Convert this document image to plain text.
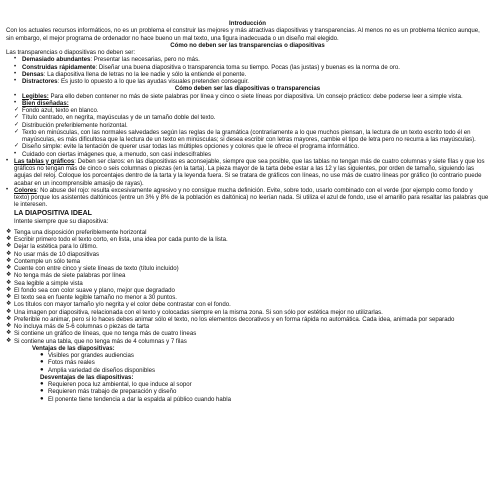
Introducción

Con los actuales recursos informáticos, no es un problema el construir las mejores y más atractivas diapositivas y transparencias. Al menos no es un problema técnico aunque, sin embargo, el mejor programa de ordenador no hace bueno un mal texto, una figura inadecuada o un diseño mal elegido.

Cómo no deben ser las transparencias o diapositivas

Las transparencias o diapositivas no deben ser:

• Demasiado abundantes: Presentar las necesarias, pero no más.
• Construidas rápidamente: Diseñar una buena diapositiva o transparencia toma su tiempo. Pocas (las justas) y buenas es la norma de oro.
• Densas: La diapositiva llena de letras no la lee nadie y sólo la entiende el ponente.
• Distractores: Es justo lo opuesto a lo que las ayudas visuales pretenden conseguir.

Cómo deben ser las diapositivas o transparencias

• Legibles: Para ello deben contener no más de siete palabras por línea y cinco o siete líneas por diapositiva. Un consejo práctico: debe poderse leer a simple vista.
• Bien diseñadas:
✓ Fondo azul, texto en blanco.
✓ Título centrado, en negrita, mayúsculas y de un tamaño doble del texto.
✓ Distribución preferiblemente horizontal.
✓ Texto en minúsculas, con las normales salvedades según las reglas de la gramática (contrariamente a lo que muchos piensan, la lectura de un texto escrito todo él en mayúsculas, es más dificultosa que la lectura de un texto en minúsculas; si desea escribir con letras mayores, cambie el tipo de letra pero no recurra a las mayúsculas).
✓ Diseño simple: evite la tentación de querer usar todas las múltiples opciones y colores que le ofrece el programa informático.
• Cuidado con ciertas imágenes que, a menudo, son casi indescifrables
• Las tablas y gráficos: Deben ser claros: en las diapositivas es aconsejable, siempre que sea posible, que las tablas no tengan más de cuatro columnas y siete filas y que los gráficos no tengan más de cinco o seis columnas o piezas (en la tarta). La pieza mayor de la tarta debe estar a las 12 y las siguientes, por orden de tamaño, siguiendo las agujas del reloj. Coloque los porcentajes dentro de la tarta y la leyenda fuera. Si se tratara de gráficos con líneas, no use más de cuatro líneas por gráfico (lo contrario puede acabar en un incomprensible amasijo de rayas).
• Colores: No abuse del rojo: resulta excesivamente agresivo y no consigue mucha definición. Evite, sobre todo, usarlo combinado con el verde (por ejemplo como fondo y texto) porque los asistentes daltónicos (entre un 3% y 8% de la población es daltónica) no leerían nada. Si utiliza el azul de fondo, use el amarillo para resaltar las palabras que le interesen.

LA DIAPOSITIVA IDEAL

Intente siempre que su diapositiva:

❖ Tenga una disposición preferiblemente horizontal
❖ Escribir primero todo el texto corto, en lista, una idea por cada punto de la lista.
❖ Dejar la estética para lo último.
❖ No usar más de 10 diapositivas
❖ Contemple un sólo tema
❖ Cuente con entre cinco y siete líneas de texto (título incluido)
❖ No tenga más de siete palabras por línea
❖ Sea legible a simple vista
❖ El fondo sea con color suave y plano, mejor que degradado
❖ El texto sea en fuente legible tamaño no menor a 30 puntos.
❖ Los títulos con mayor tamaño y/o negrita y el color debe contrastar con el fondo.
❖ Una imagen por diapositiva, relacionada con el texto y colocadas siempre en la misma zona. Si son sólo por estética mejor no utilizarlas.
❖ Preferible no animar, pero si lo haces debes animar sólo el texto, no los elementos decorativos y en forma rápida no automática. Cada idea, animada por separado
❖ No incluya más de 5-6 columnas o piezas de tarta
❖ Si contiene un gráfico de líneas, que no tenga más de cuatro líneas
❖ Si contiene una tabla, que no tenga más de 4 columnas y 7 filas

Ventajas de las diapositivas:

● Visibles por grandes audiencias
● Fotos más reales
● Amplia variedad de diseños disponibles

Desventajas de las diapositivas:

● Requieren poca luz ambiental, lo que induce al sopor
● Requieren más trabajo de preparación y diseño
● El ponente tiene tendencia a dar la espalda al público cuando habla
